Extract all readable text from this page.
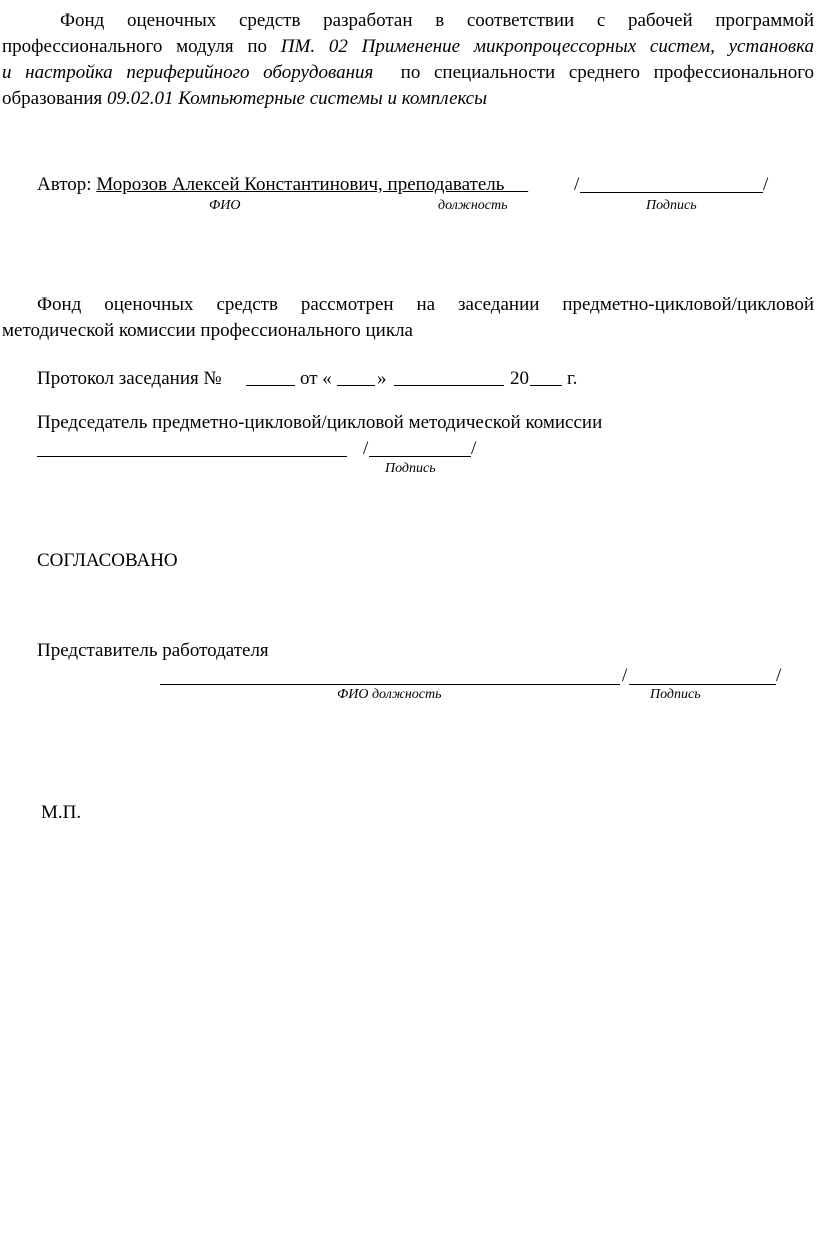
Фонд оценочных средств разработан в соответствии с рабочей программой
профессионального модуля по ПМ. 02 Применение микропроцессорных систем, установка
и настройка периферийного оборудования по специальности среднего профессионального
образования 09.02.01 Компьютерные системы и комплексы
Автор: Морозов Алексей Константинович, преподаватель	/	/
ФИО	должность	Подпись
Фонд оценочных средств рассмотрен на заседании предметно-цикловой/цикловой
методической комиссии профессионального цикла
Протокол заседания №	от « »	20 г.
Председатель предметно-цикловой/цикловой методической комиссии
/	/
Подпись
СОГЛАСОВАНО
Представитель работодателя
/	/
ФИО должность	Подпись
М.П.
